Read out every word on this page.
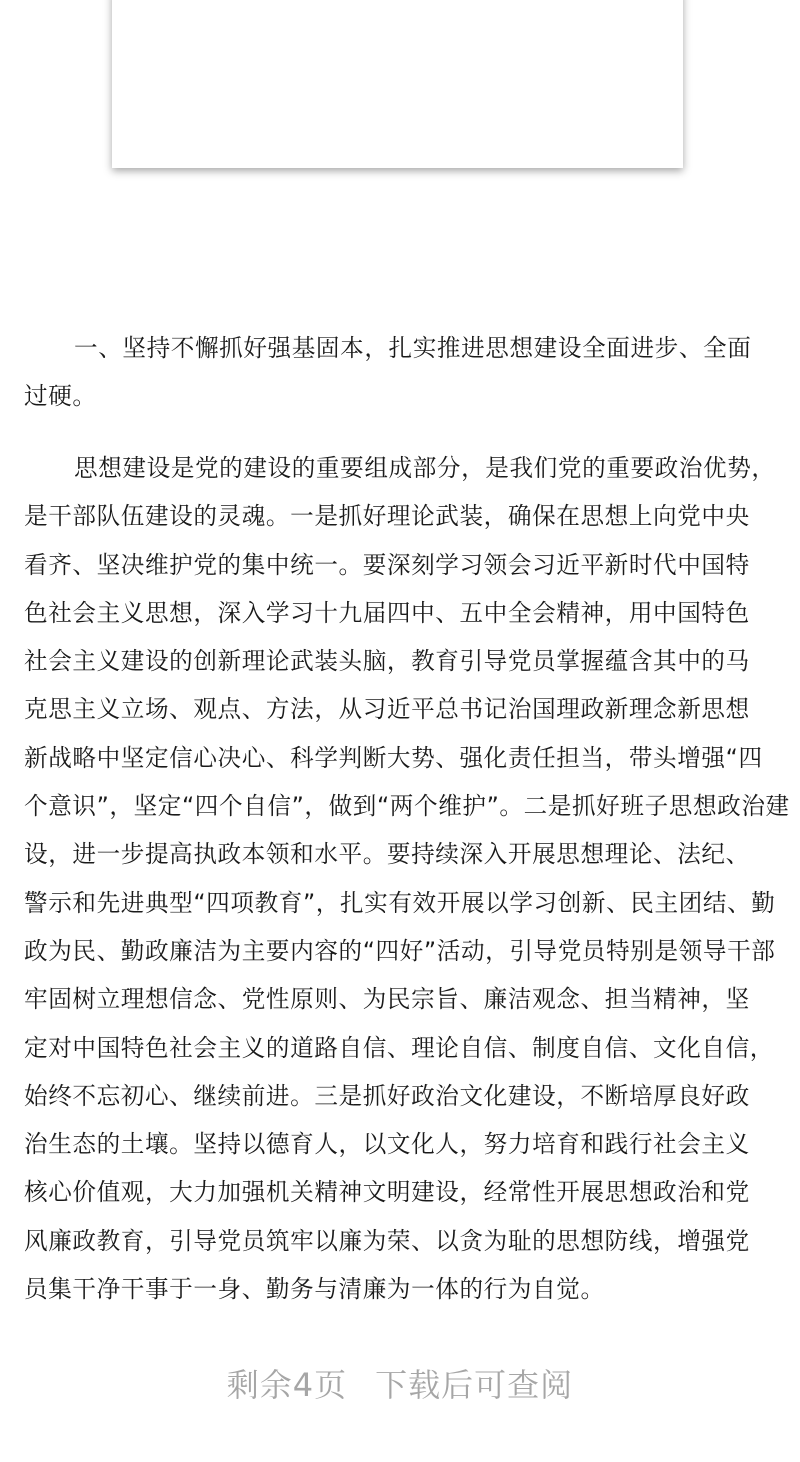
一、坚持不懈抓好强基固本，扎实推进思想建设全面进步、全面
过硬。
思想建设是党的建设的重要组成部分，是我们党的重要政治优势，
是干部队伍建设的灵魂。一是抓好理论武装，确保在思想上向党中央
看齐、坚决维护党的集中统一。要深刻学习领会习近平新时代中国特
色社会主义思想，深入学习十九届四中、五中全会精神，用中国特色
社会主义建设的创新理论武装头脑，教育引导党员掌握蕴含其中的马
克思主义立场、观点、方法，从习近平总书记治国理政新理念新思想
新战略中坚定信心决心、科学判断大势、强化责任担当，带头增强“四
个意识”，坚定“四个自信”，做到“两个维护”。二是抓好班子思想政治建
设，进一步提高执政本领和水平。要持续深入开展思想理论、法纪、
警示和先进典型“四项教育”，扎实有效开展以学习创新、民主团结、勤
政为民、勤政廉洁为主要内容的“四好”活动，引导党员特别是领导干部
牢固树立理想信念、党性原则、为民宗旨、廉洁观念、担当精神，坚
定对中国特色社会主义的道路自信、理论自信、制度自信、文化自信，
始终不忘初心、继续前进。三是抓好政治文化建设，不断培厚良好政
治生态的土壤。坚持以德育人，以文化人，努力培育和践行社会主义
核心价值观，大力加强机关精神文明建设，经常性开展思想政治和党
风廉政教育，引导党员筑牢以廉为荣、以贪为耻的思想防线，增强党
员集干净干事于一身、勤务与清廉为一体的行为自觉。
剩余4页 下载后可查阅
